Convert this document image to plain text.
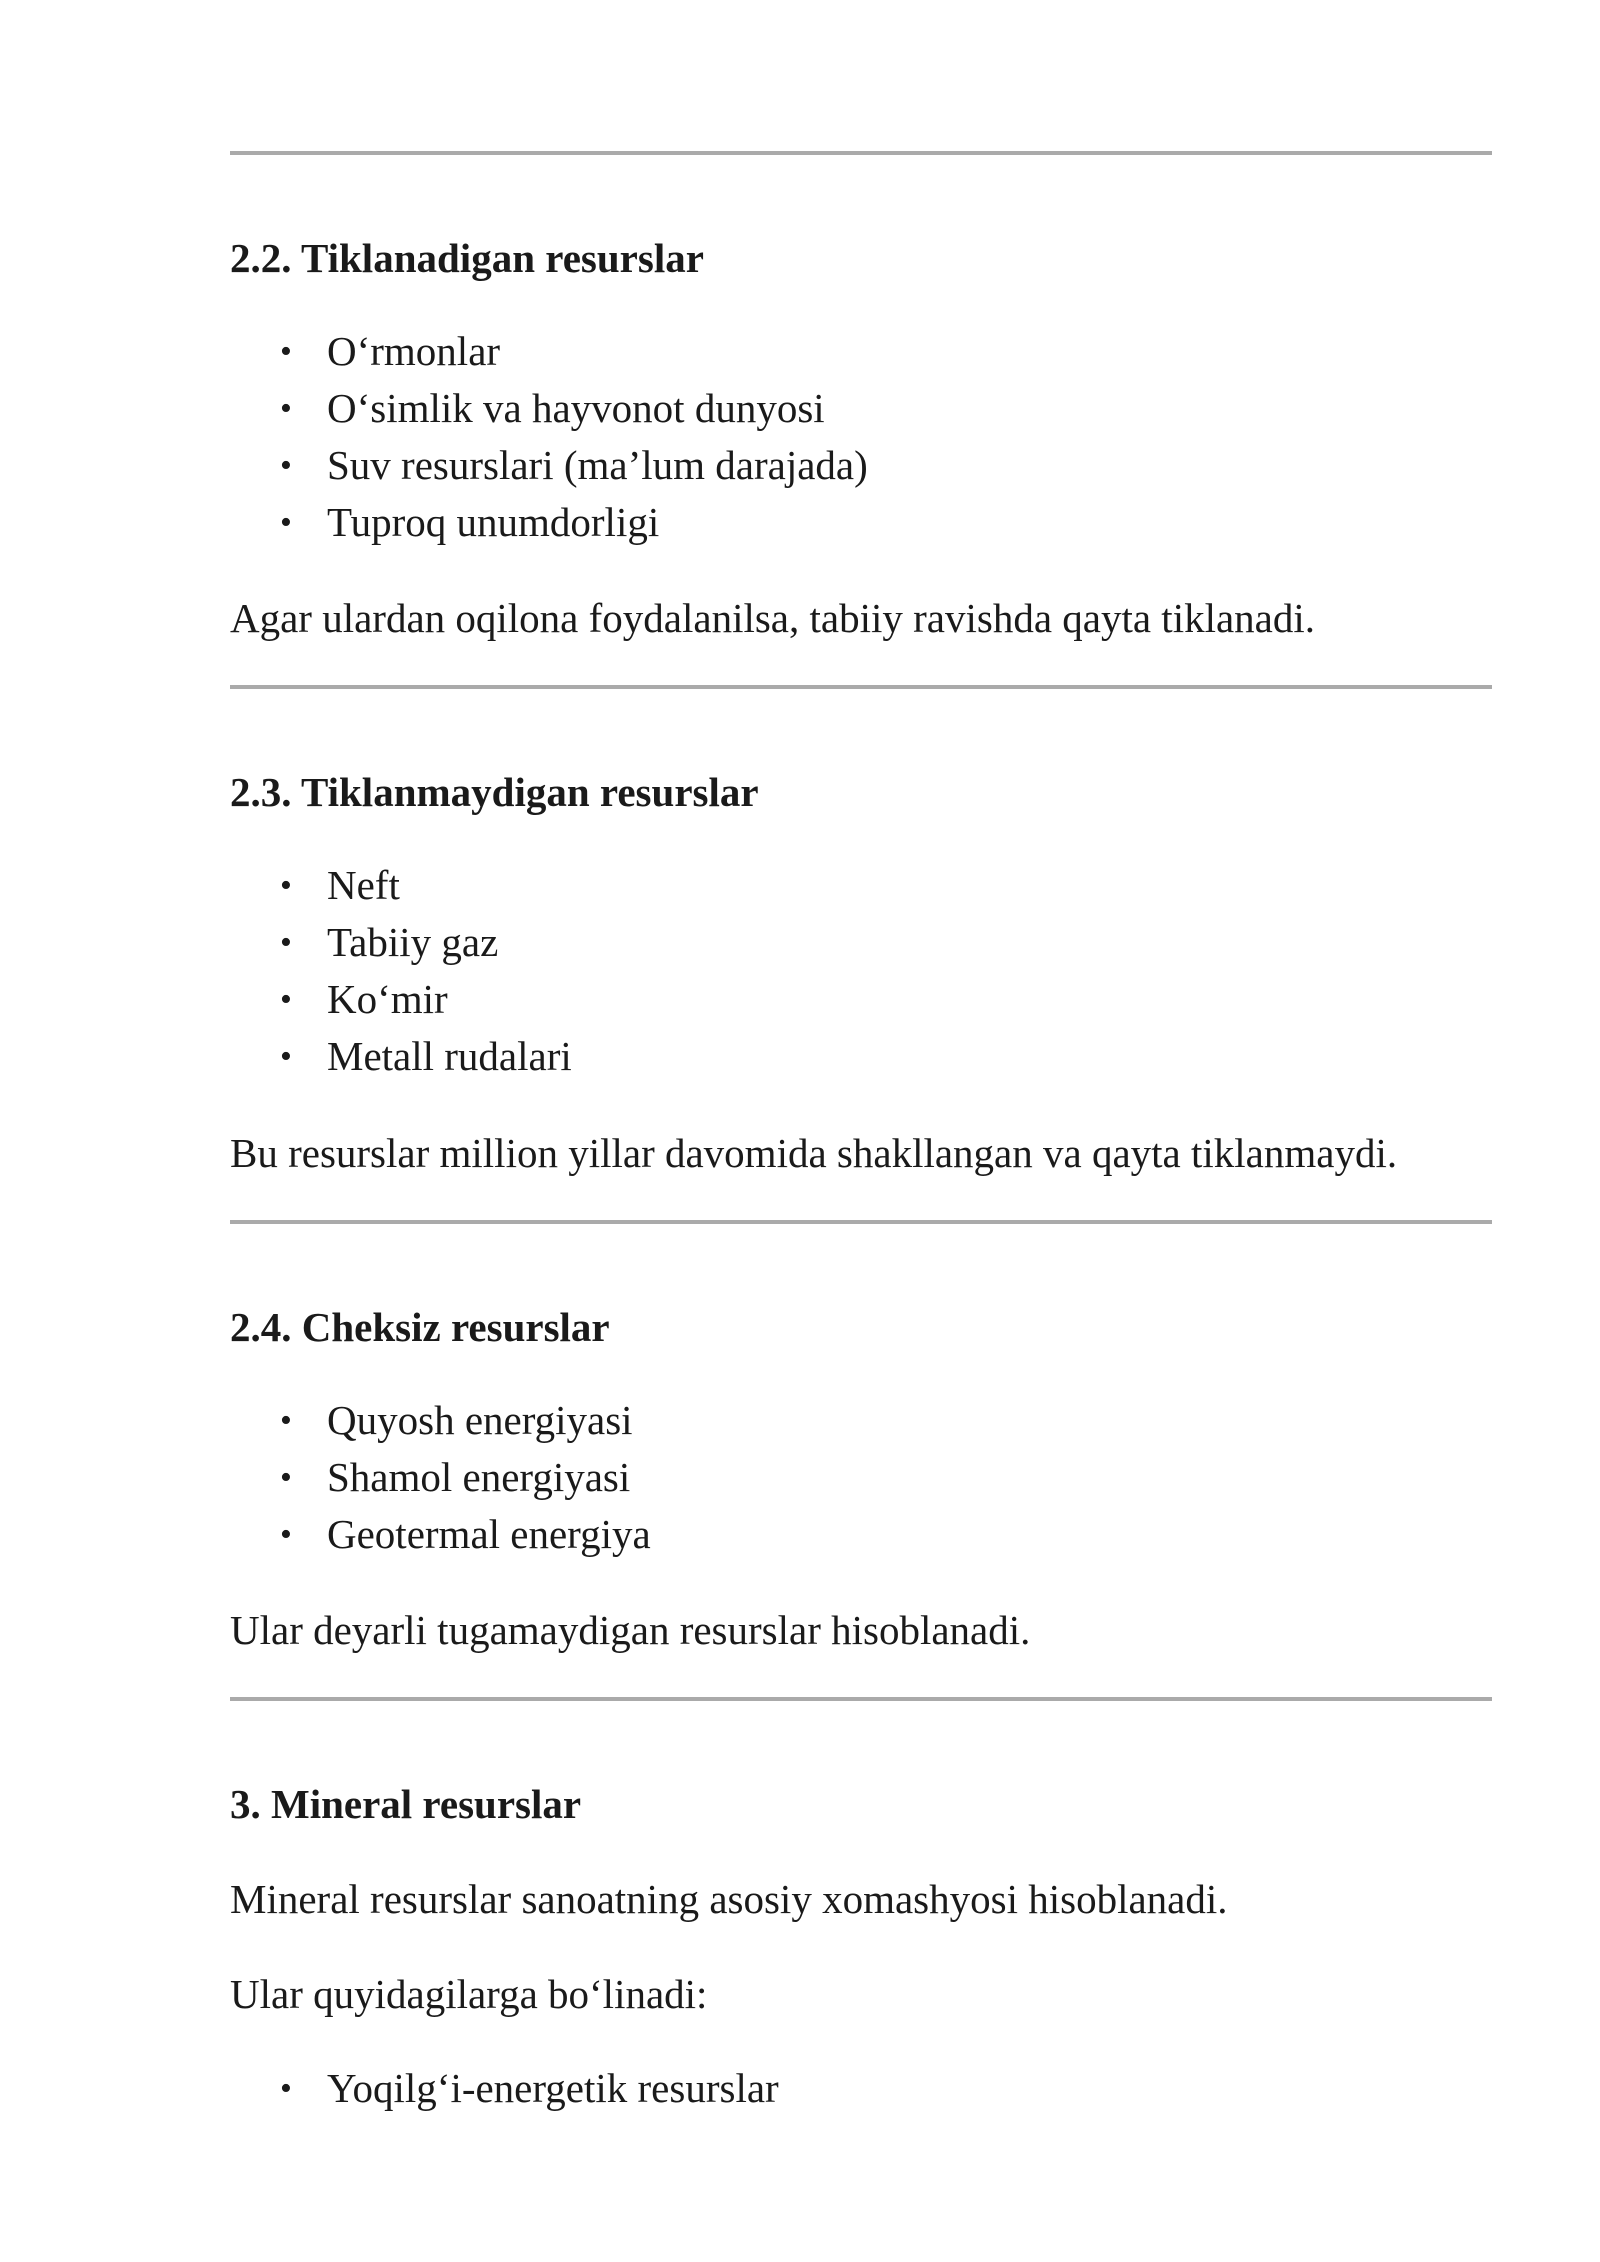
2.2. Tiklanadigan resurslar
• O‘rmonlar
• O‘simlik va hayvonot dunyosi
• Suv resurslari (ma’lum darajada)
• Tuproq unumdorligi

Agar ulardan oqilona foydalanilsa, tabiiy ravishda qayta tiklanadi.

2.3. Tiklanmaydigan resurslar
• Neft
• Tabiiy gaz
• Ko‘mir
• Metall rudalari

Bu resurslar million yillar davomida shakllangan va qayta tiklanmaydi.

2.4. Cheksiz resurslar
• Quyosh energiyasi
• Shamol energiyasi
• Geotermal energiya

Ular deyarli tugamaydigan resurslar hisoblanadi.

3. Mineral resurslar

Mineral resurslar sanoatning asosiy xomashyosi hisoblanadi.

Ular quyidagilarga bo‘linadi:

• Yoqilg‘i-energetik resurslar
